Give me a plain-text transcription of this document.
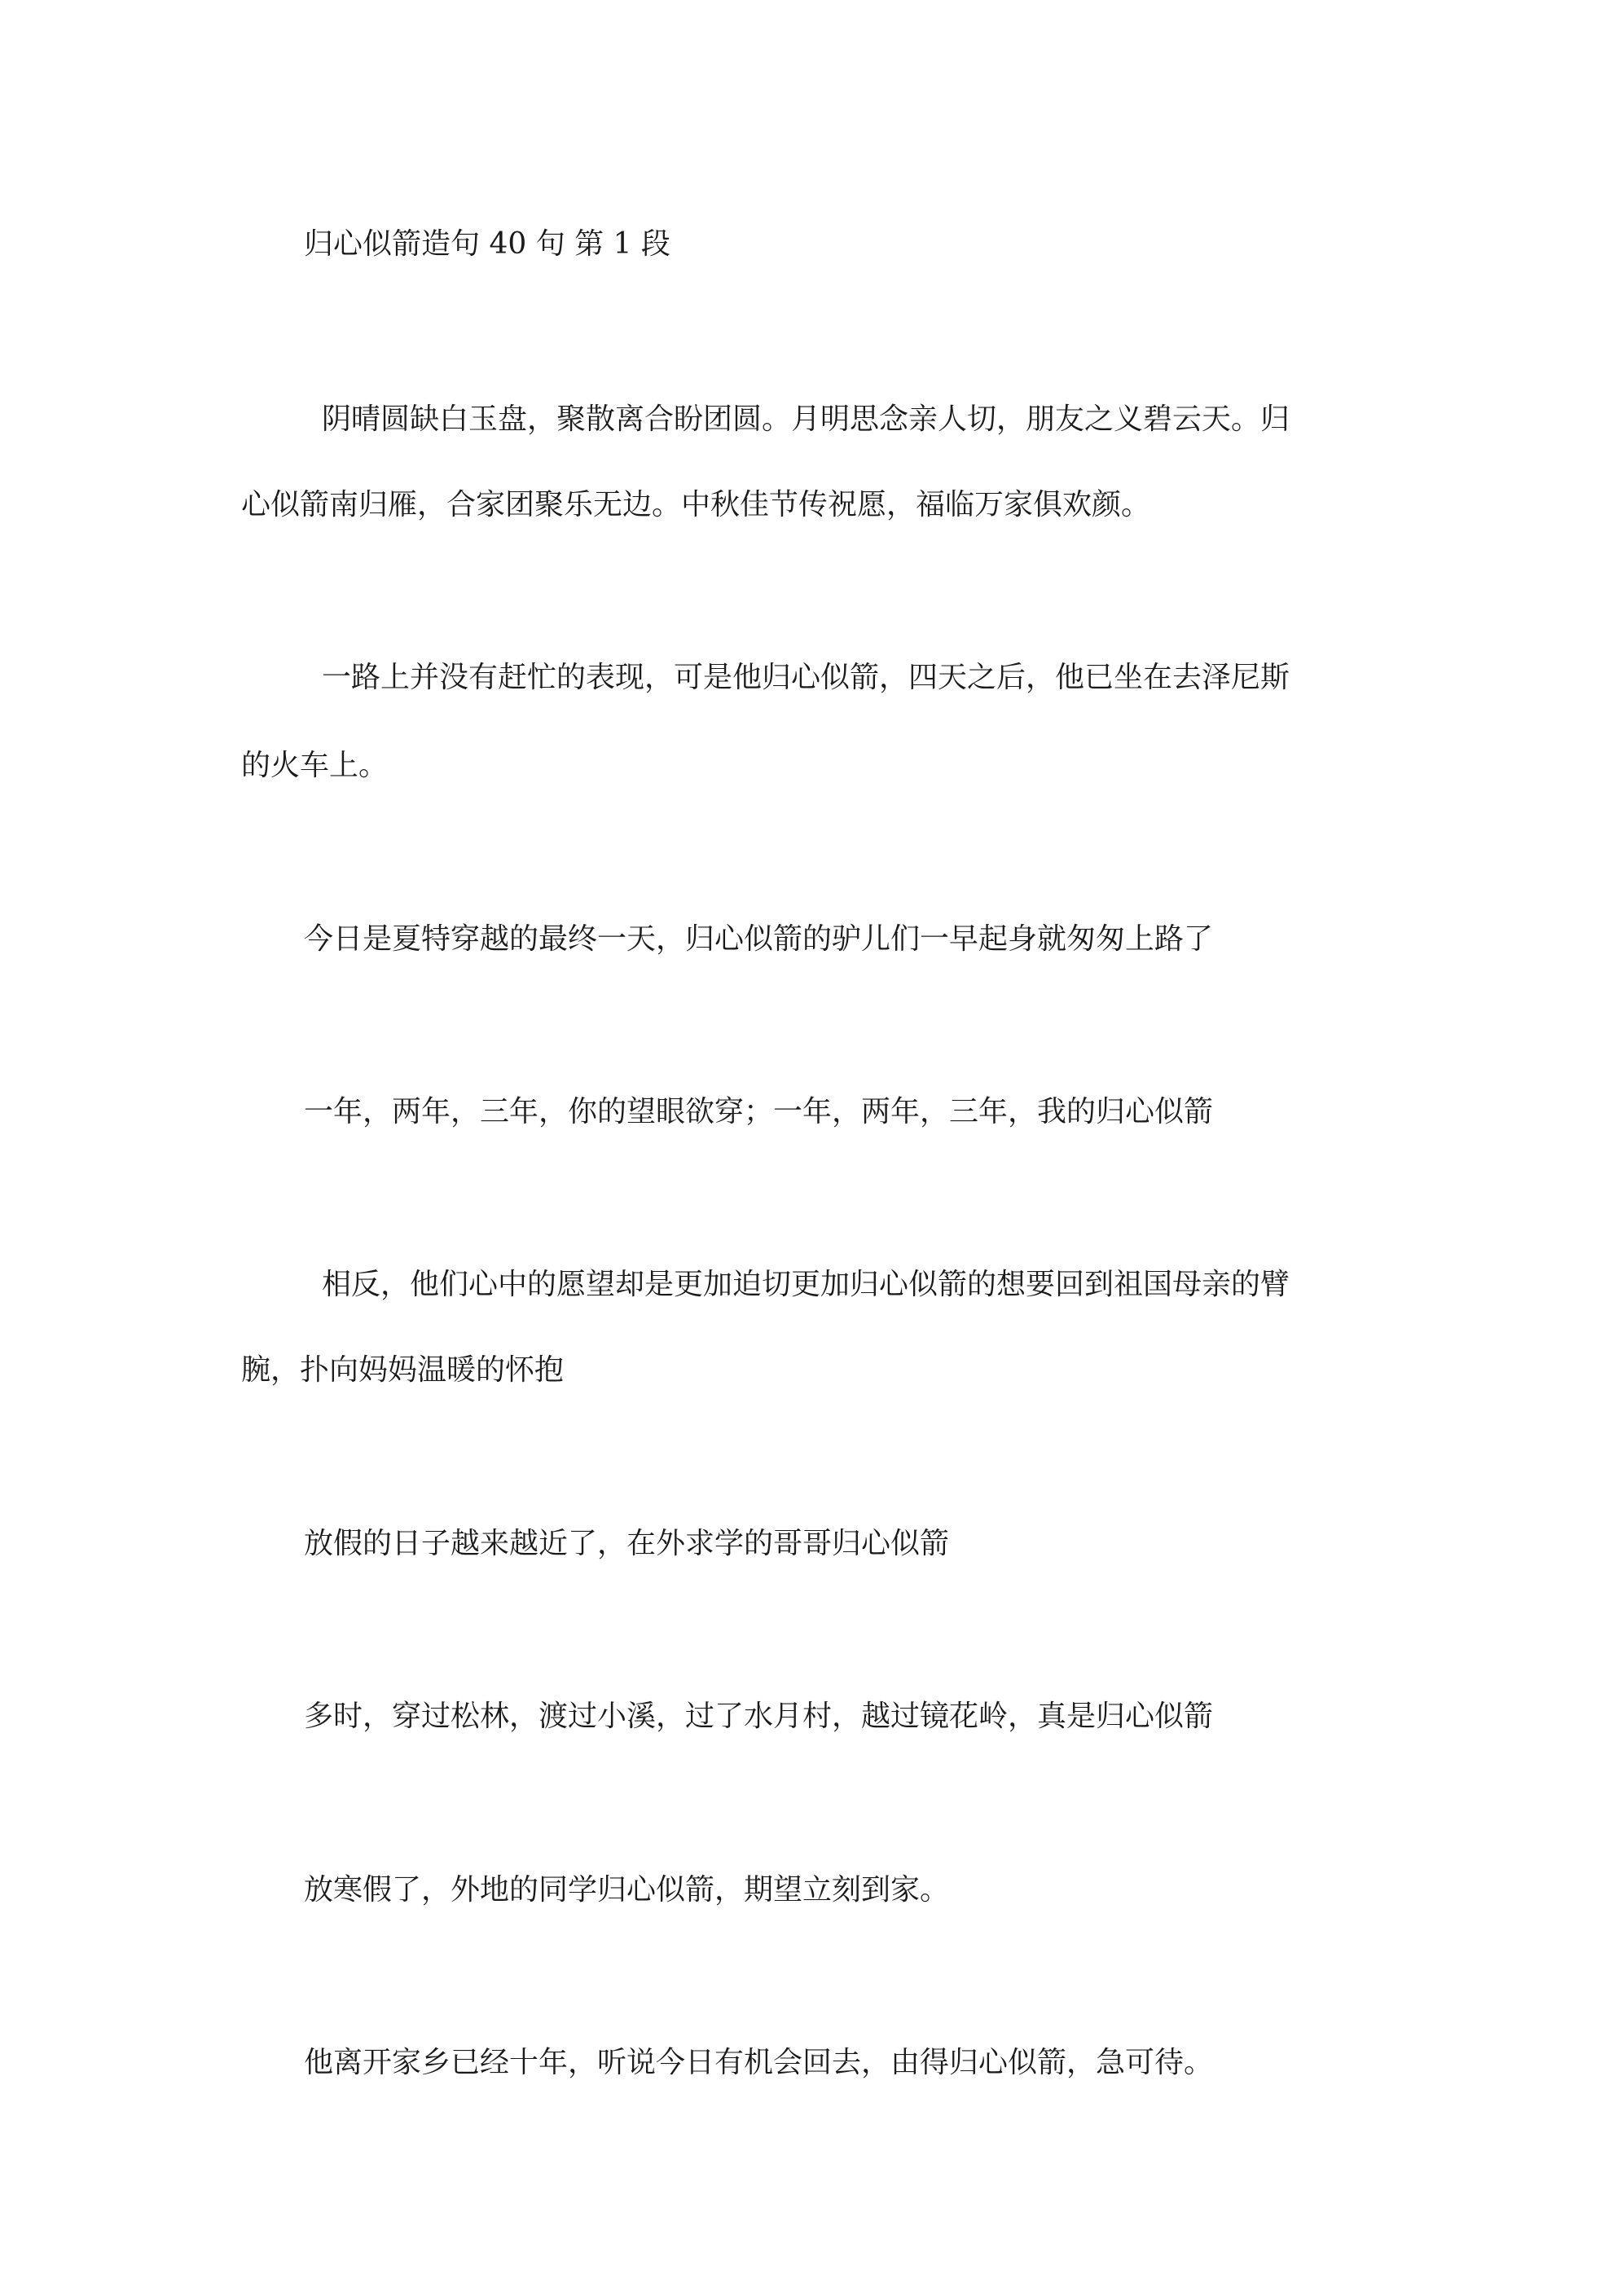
归心似箭造句 40 句 第 1 段
阴晴圆缺白玉盘，聚散离合盼团圆。月明思念亲人切，朋友之义碧云天。归
心似箭南归雁，合家团聚乐无边。中秋佳节传祝愿，福临万家俱欢颜。
一路上并没有赶忙的表现，可是他归心似箭，四天之后，他已坐在去泽尼斯
的火车上。
今日是夏特穿越的最终一天，归心似箭的驴儿们一早起身就匆匆上路了
一年，两年，三年，你的望眼欲穿；一年，两年，三年，我的归心似箭
相反，他们心中的愿望却是更加迫切更加归心似箭的想要回到祖国母亲的臂
腕，扑向妈妈温暖的怀抱
放假的日子越来越近了，在外求学的哥哥归心似箭
多时，穿过松林，渡过小溪，过了水月村，越过镜花岭，真是归心似箭
放寒假了，外地的同学归心似箭，期望立刻到家。
他离开家乡已经十年，听说今日有机会回去，由得归心似箭，急可待。
